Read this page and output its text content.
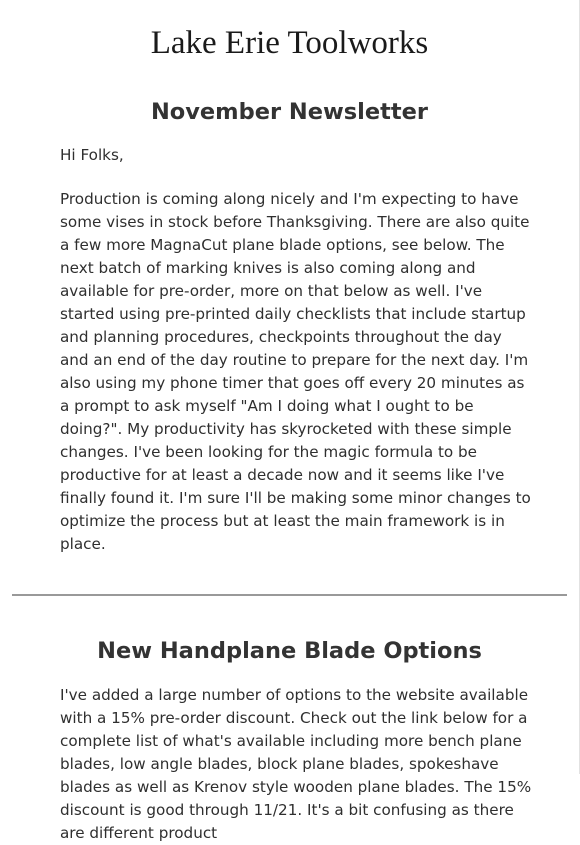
Lake Erie Toolworks
November Newsletter

Hi Folks,

Production is coming along nicely and I'm expecting to have some vises in stock before Thanksgiving. There are also quite a few more MagnaCut plane blade options, see below. The next batch of marking knives is also coming along and available for pre-order, more on that below as well. I've started using pre-printed daily checklists that include startup and planning procedures, checkpoints throughout the day and an end of the day routine to prepare for the next day. I'm also using my phone timer that goes off every 20 minutes as a prompt to ask myself "Am I doing what I ought to be doing?". My productivity has skyrocketed with these simple changes. I've been looking for the magic formula to be productive for at least a decade now and it seems like I've finally found it. I'm sure I'll be making some minor changes to optimize the process but at least the main framework is in place.

New Handplane Blade Options

I've added a large number of options to the website available with a 15% pre-order discount. Check out the link below for a complete list of what's available including more bench plane blades, low angle blades, block plane blades, spokeshave blades as well as Krenov style wooden plane blades. The 15% discount is good through 11/21. It's a bit confusing as there are different product
